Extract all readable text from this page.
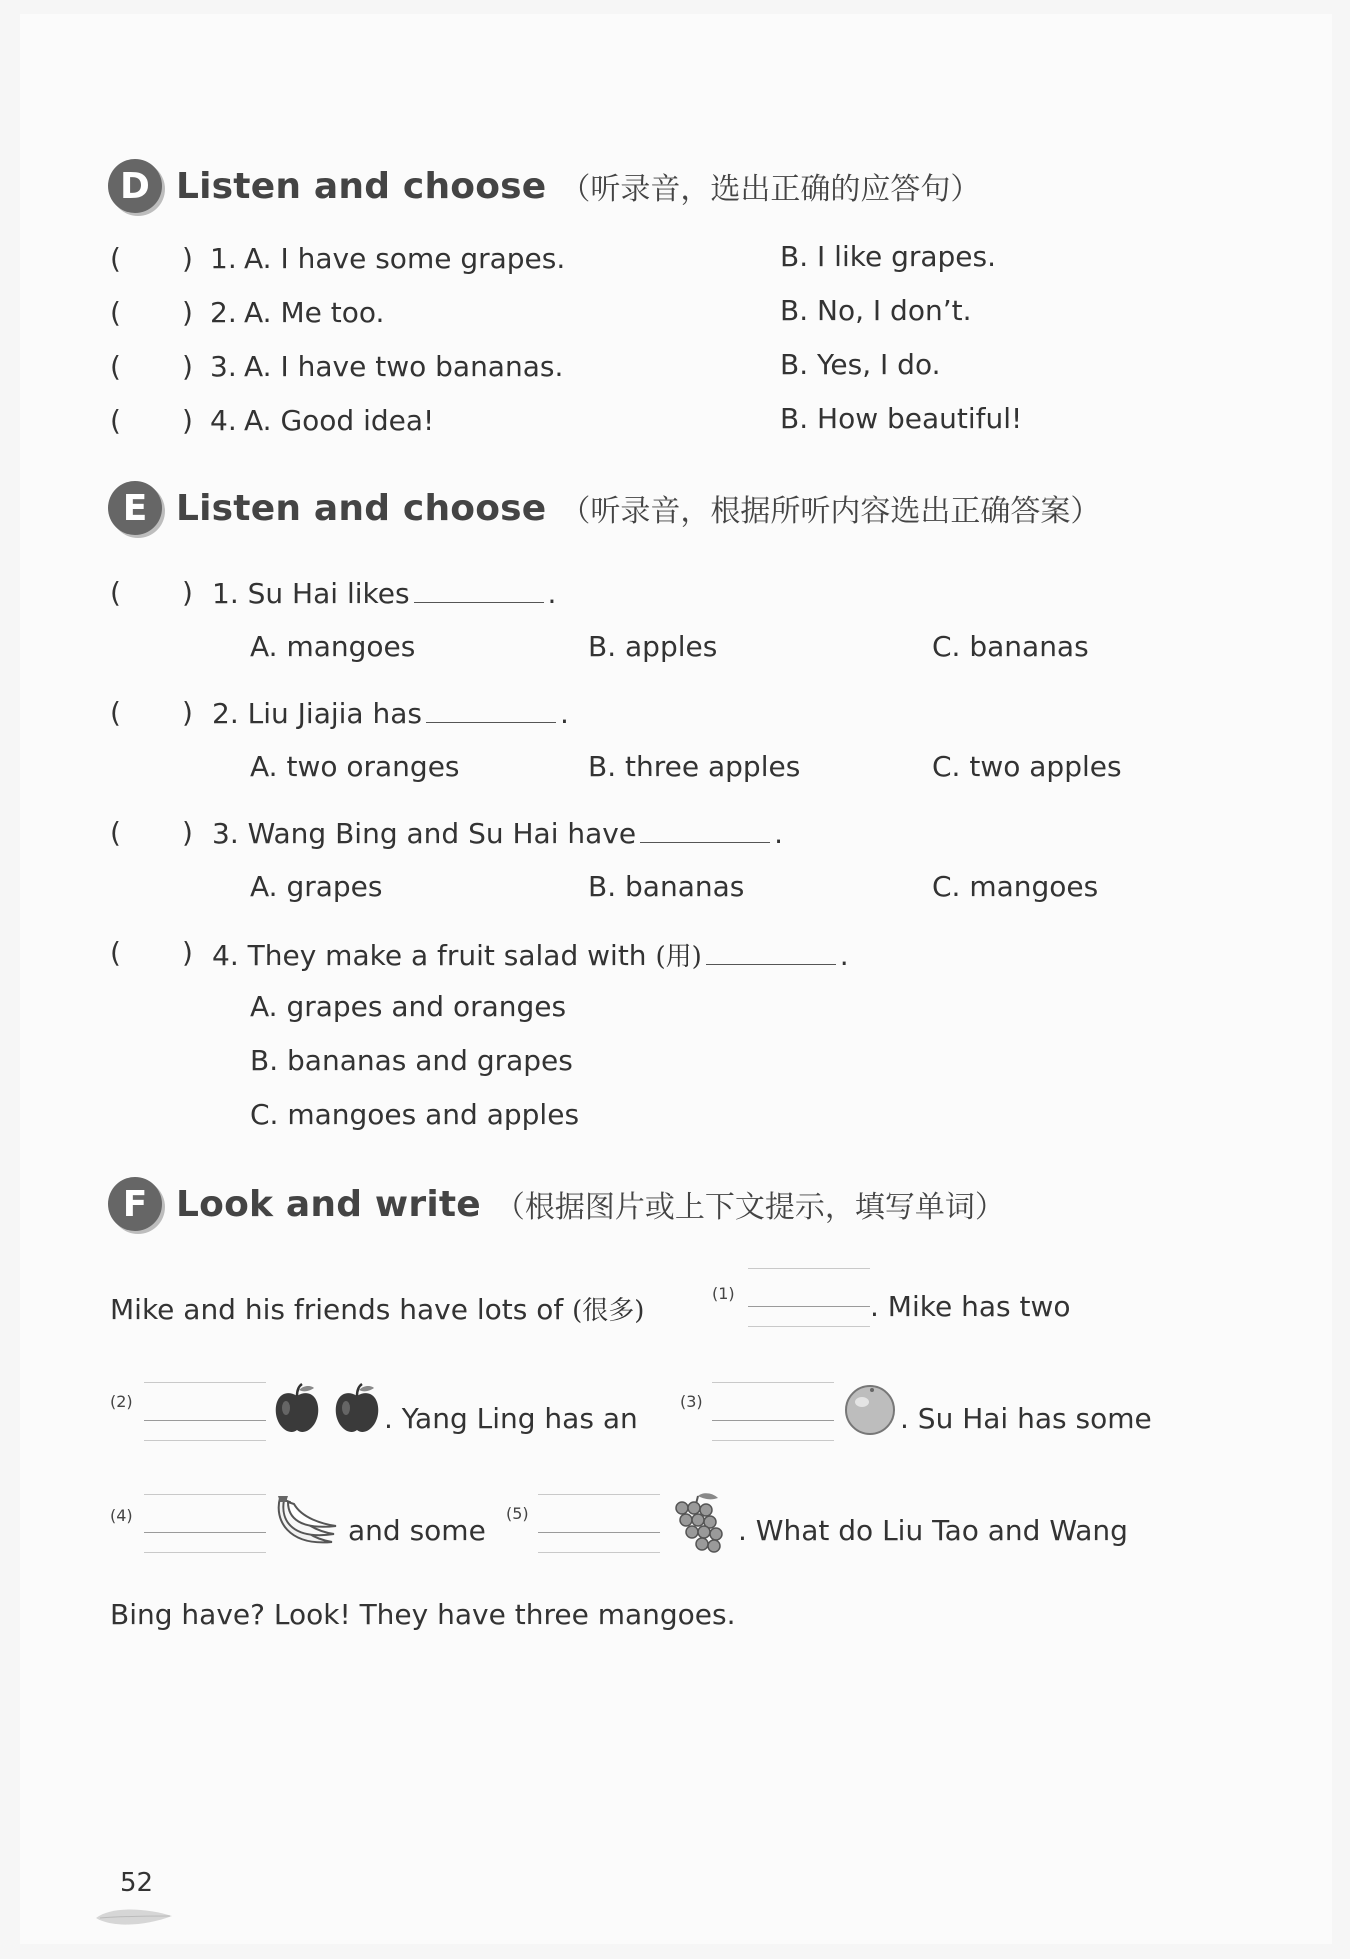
D Listen and choose （听录音，选出正确的应答句）
( ) 1. A. I have some grapes.	B. I like grapes.
( ) 2. A. Me too.	B. No, I don’t.
( ) 3. A. I have two bananas.	B. Yes, I do.
( ) 4. A. Good idea!	B. How beautiful!
E Listen and choose （听录音，根据所听内容选出正确答案）
( ) 1. Su Hai likes	.
A. mangoes	B. apples	C. bananas
( ) 2. Liu Jiajia has	.
A. two oranges	B. three apples	C. two apples
( ) 3. Wang Bing and Su Hai have	.
A. grapes	B. bananas	C. mangoes
( ) 4. They make a fruit salad with (用)	.
A. grapes and oranges
B. bananas and grapes
C. mangoes and apples
F Look and write （根据图片或上下文提示，填写单词）
Mike and his friends have lots of (很多)
(1)	. Mike has two
(2)
. Yang Ling has an
(3)
. Su Hai has some
(4)	and some
(5)
. What do Liu Tao and Wang
Bing have? Look! They have three mangoes.
52
